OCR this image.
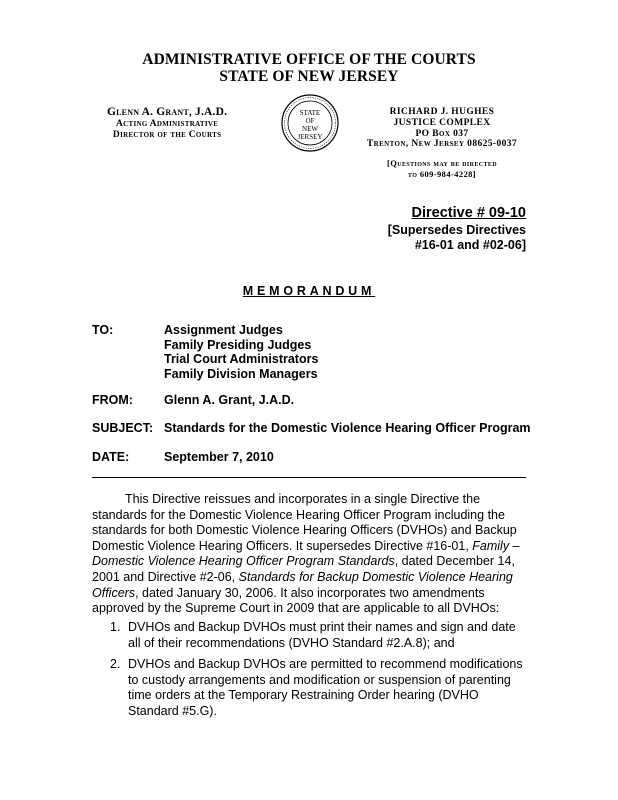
ADMINISTRATIVE OFFICE OF THE COURTS
STATE OF NEW JERSEY
Glenn A. Grant, J.A.D.
Acting Administrative
Director of the Courts
STATE
OF
NEW
JERSEY
RICHARD J. HUGHES
JUSTICE COMPLEX
PO Box 037
Trenton, New Jersey 08625-0037
[Questions may be directed
to 609-984-4228]
Directive # 09-10
[Supersedes Directives
#16-01 and #02-06]
MEMORANDUM
TO:	Assignment Judges
Family Presiding Judges
Trial Court Administrators
Family Division Managers
FROM: Glenn A. Grant, J.A.D.
SUBJECT: Standards for the Domestic Violence Hearing Officer Program
DATE:	September 7, 2010
This Directive reissues and incorporates in a single Directive the standards for the Domestic Violence Hearing Officer Program including the standards for both Domestic Violence Hearing Officers (DVHOs) and Backup Domestic Violence Hearing Officers. It supersedes Directive #16-01, Family – Domestic Violence Hearing Officer Program Standards, dated December 14, 2001 and Directive #2-06, Standards for Backup Domestic Violence Hearing Officers, dated January 30, 2006. It also incorporates two amendments approved by the Supreme Court in 2009 that are applicable to all DVHOs:
1. DVHOs and Backup DVHOs must print their names and sign and date all of their recommendations (DVHO Standard #2.A.8); and
2. DVHOs and Backup DVHOs are permitted to recommend modifications to custody arrangements and modification or suspension of parenting time orders at the Temporary Restraining Order hearing (DVHO Standard #5.G).
